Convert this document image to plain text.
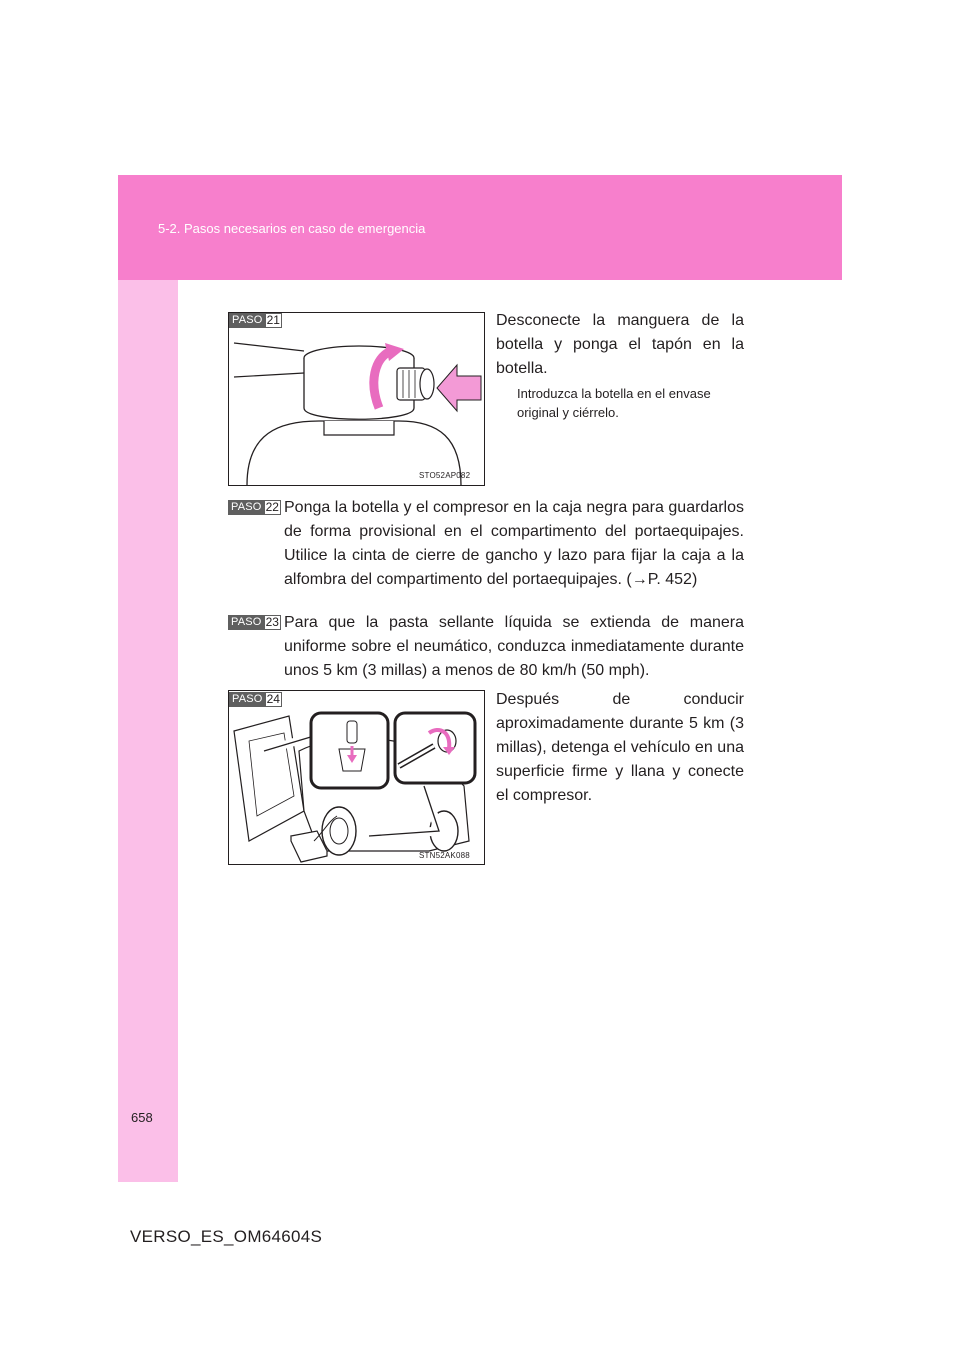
5-2. Pasos necesarios en caso de emergencia
STO52AP082
PASO 21	Desconecte la manguera de la botella y ponga el tapón en la botella.
Introduzca la botella en el envase original y ciérrelo.
PASO 22 Ponga la botella y el compresor en la caja negra para guardarlos de forma provisional en el compartimento del portaequipajes. Utilice la cinta de cierre de gancho y lazo para fijar la caja a la alfombra del compartimento del portaequipajes. (→P. 452)
PASO 23 Para que la pasta sellante líquida se extienda de manera uniforme sobre el neumático, conduzca inmediatamente durante unos 5 km (3 millas) a menos de 80 km/h (50 mph).
STN52AK088
PASO 24	Después de conducir aproximadamente durante 5 km (3 millas), detenga el vehículo en una superficie firme y llana y conecte el compresor.
658
VERSO_ES_OM64604S
